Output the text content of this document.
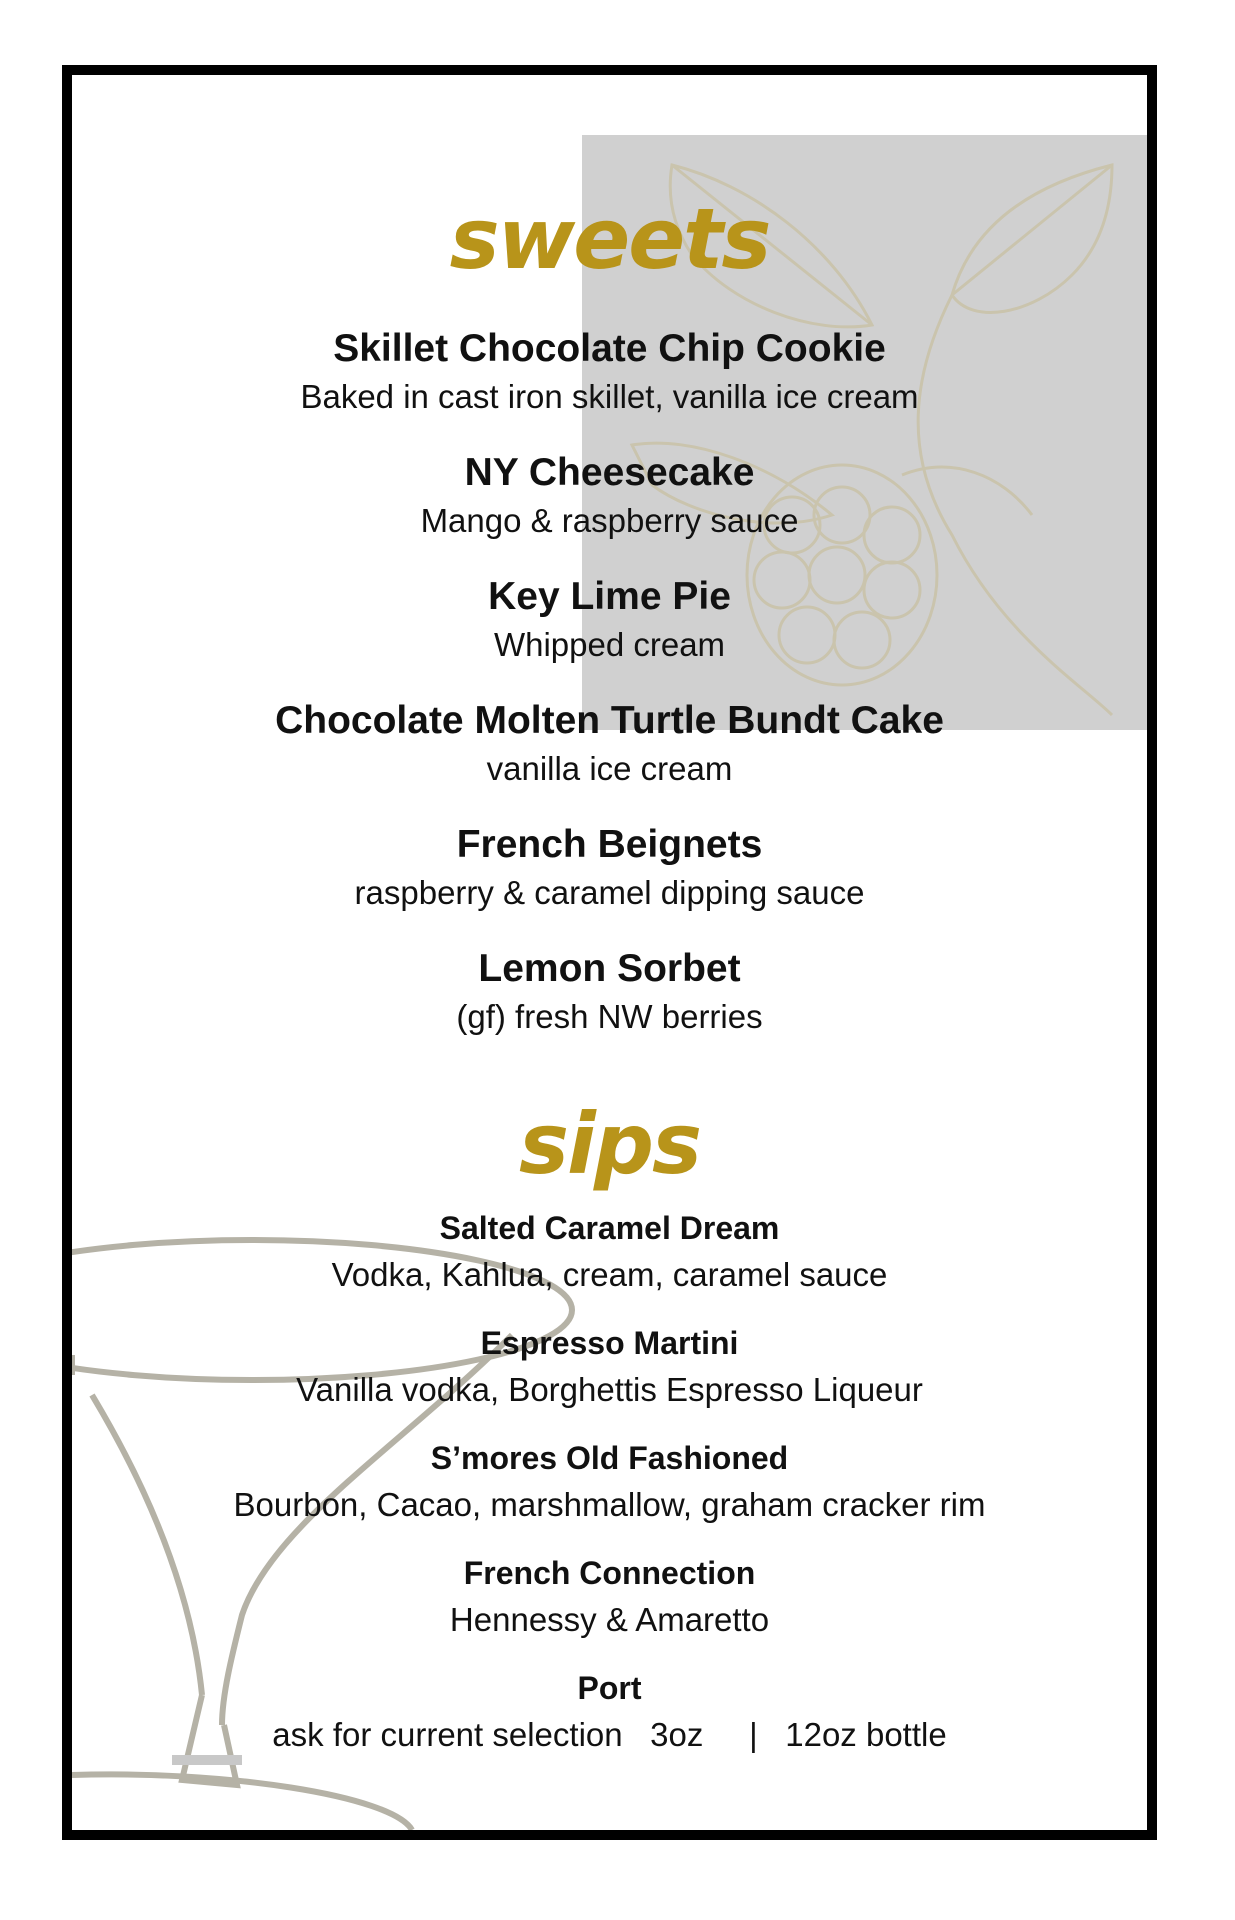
sweets
Skillet Chocolate Chip Cookie
Baked in cast iron skillet, vanilla ice cream
NY Cheesecake
Mango & raspberry sauce
Key Lime Pie
Whipped cream
Chocolate Molten Turtle Bundt Cake
vanilla ice cream
French Beignets
raspberry & caramel dipping sauce
Lemon Sorbet
(gf) fresh NW berries
sips
Salted Caramel Dream
Vodka, Kahlua, cream, caramel sauce
Espresso Martini
Vanilla vodka, Borghettis Espresso Liqueur
S’mores Old Fashioned
Bourbon, Cacao, marshmallow, graham cracker rim
French Connection
Hennessy & Amaretto
Port
ask for current selection   3oz     |   12oz bottle
